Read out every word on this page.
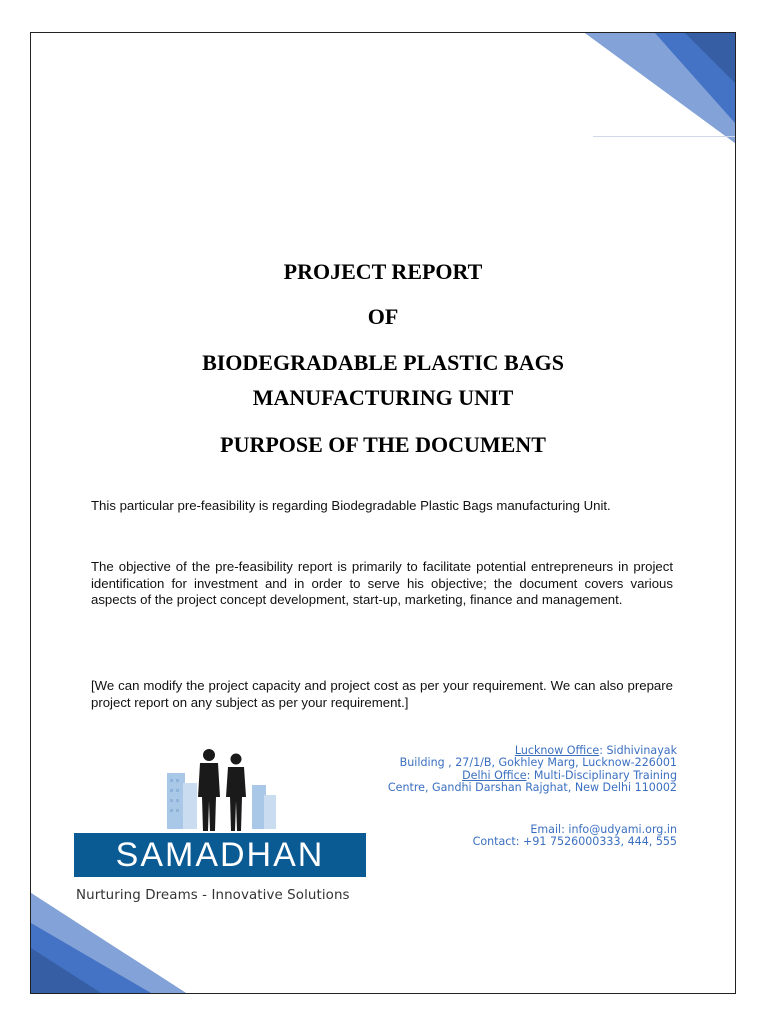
PROJECT REPORT
OF
BIODEGRADABLE PLASTIC BAGS
MANUFACTURING UNIT
PURPOSE OF THE DOCUMENT
This particular pre-feasibility is regarding Biodegradable Plastic Bags manufacturing Unit.
The objective of the pre-feasibility report is primarily to facilitate potential entrepreneurs in project identification for investment and in order to serve his objective; the document covers various aspects of the project concept development, start-up, marketing, finance and management.
[We can modify the project capacity and project cost as per your requirement. We can also prepare project report on any subject as per your requirement.]
SAMADHAN
Nurturing Dreams - Innovative Solutions
Lucknow Office: Sidhivinayak
Building , 27/1/B, Gokhley Marg, Lucknow-226001
Delhi Office: Multi-Disciplinary Training
Centre, Gandhi Darshan Rajghat, New Delhi 110002
Email: info@udyami.org.in
Contact: +91 7526000333, 444, 555
